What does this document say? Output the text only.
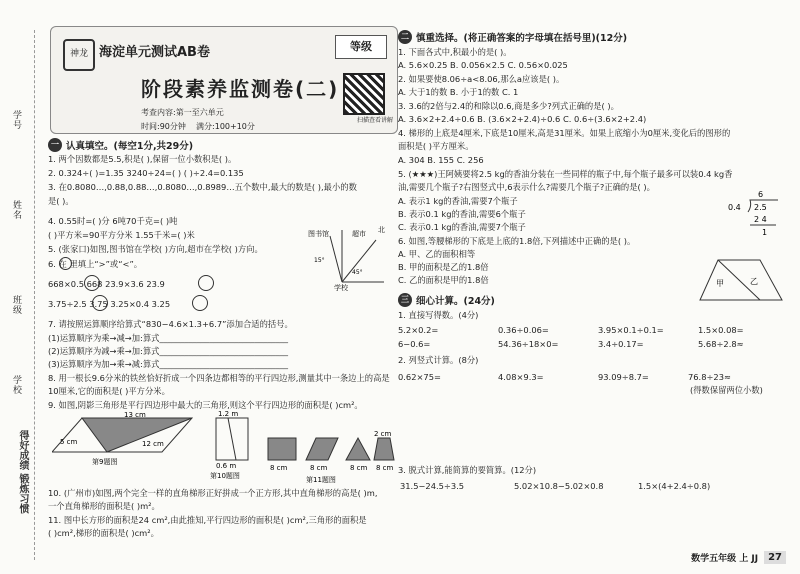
学号
姓名
班级
学校
得好成绩 锻炼习惯
神龙 海淀单元测试AB卷	等级
阶段素养监测卷(二)
考查内容:第一至六单元
时间:90分钟 满分:100+10分
扫描查看讲解
一 认真填空。(每空1分,共29分)
1. 两个因数都是5.5,积是( ),保留一位小数积是( )。
2. 0.324÷( )=1.35 3240÷24=( ) ( )÷2.4=0.135
3. 在0.8080…,0.88,0.88…,0.8080…,0.8989…五个数中,最大的数是( ),最小的数
是( )。
4. 0.55时=( )分 6吨70千克=( )吨
( )平方米=90平方分米 1.55千米=( )米
5. (张家口)如图,图书馆在学校( )方向,超市在学校( )方向。
6. 在 里填上“>”或“<”。
668×0.5 668 23.9×3.6 23.9
3.75÷2.5 3.75 3.25×0.4 3.25
7. 请按照运算顺序给算式“830−4.6×1.3+6.7”添加合适的括号。
(1)运算顺序为乘→减→加:算式_______________________________
(2)运算顺序为减→乘→加:算式_______________________________
(3)运算顺序为加→乘→减:算式_______________________________
8. 用一根长9.6分米的铁丝恰好折成一个四条边都相等的平行四边形,测量其中一条边上的高是
10厘米,它的面积是( )平方分米。
9. 如图,阴影三角形是平行四边形中最大的三角形,则这个平行四边形的面积是( )cm²。
10. (广州市)如图,两个完全一样的直角梯形正好拼成一个正方形,其中直角梯形的高是( )m,
一个直角梯形的面积是( )m²。
11. 图中长方形的面积是24 cm²,由此推知,平行四边形的面积是( )cm²,三角形的面积是
( )cm²,梯形的面积是( )cm²。
图书馆	超市 北
15°
45°
学校
13 cm
5 cm	12 cm
第9题图
1.2 m
0.6 m
第10题图
2 cm
8 cm	8 cm	8 cm 8 cm
第11题图
二 慎重选择。(将正确答案的字母填在括号里)(12分)
1. 下面各式中,积最小的是( )。
A. 5.6×0.25 B. 0.056×2.5 C. 0.56×0.025
2. 如果要使8.06÷a<8.06,那么a应该是( )。
A. 大于1的数 B. 小于1的数 C. 1
3. 3.6的2倍与2.4的和除以0.6,商是多少?列式正确的是( )。
A. 3.6×2+2.4÷0.6 B. (3.6×2+2.4)÷0.6 C. 0.6÷(3.6×2+2.4)
4. 梯形的上底是4厘米,下底是10厘米,高是31厘米。如果上底缩小为0厘米,变化后的图形的
面积是( )平方厘米。
A. 304 B. 155 C. 256
5. (★★★)王阿姨要将2.5 kg的香油分装在一些同样的瓶子中,每个瓶子最多可以装0.4 kg香
油,需要几个瓶子?右图竖式中,6表示什么?需要几个瓶子?正确的是( )。
A. 表示1 kg的香油,需要7个瓶子
B. 表示0.1 kg的香油,需要6个瓶子
C. 表示0.1 kg的香油,需要7个瓶子
6. 如图,等腰梯形的下底是上底的1.8倍,下列描述中正确的是( )。
A. 甲、乙的面积相等
B. 甲的面积是乙的1.8倍
C. 乙的面积是甲的1.8倍
6
0.4 2.5
2 4
1
甲	乙
三 细心计算。(24分)
1. 直接写得数。(4分)
5.2×0.2=	0.36÷0.06=	3.95×0.1÷0.1=	1.5×0.08=
6−0.6=	54.36÷18×0=	3.4÷0.17=	5.68÷2.8≈
2. 列竖式计算。(8分)
0.62×75=	4.08×9.3=	93.09÷8.7=	76.8÷23≈
(得数保留两位小数)
3. 脱式计算,能简算的要简算。(12分)
31.5−24.5÷3.5	5.02×10.8−5.02×0.8	1.5×(4+2.4÷0.8)
数学五年级 上 JJ	27
